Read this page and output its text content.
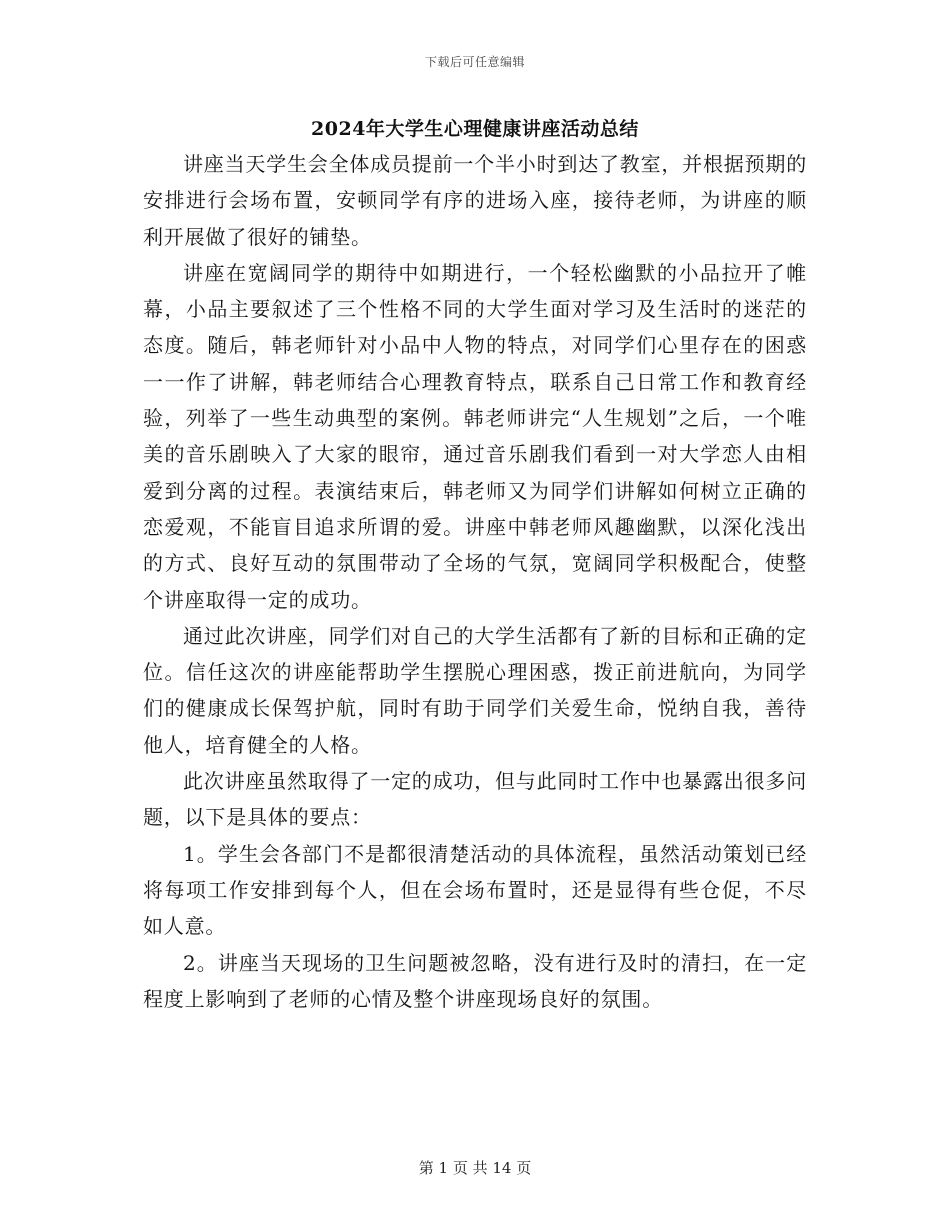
下载后可任意编辑
2024年大学生心理健康讲座活动总结

讲座当天学生会全体成员提前一个半小时到达了教室，并根据预期的安排进行会场布置，安顿同学有序的进场入座，接待老师，为讲座的顺利开展做了很好的铺垫。

讲座在宽阔同学的期待中如期进行，一个轻松幽默的小品拉开了帷幕，小品主要叙述了三个性格不同的大学生面对学习及生活时的迷茫的态度。随后，韩老师针对小品中人物的特点，对同学们心里存在的困惑一一作了讲解，韩老师结合心理教育特点，联系自己日常工作和教育经验，列举了一些生动典型的案例。韩老师讲完“人生规划”之后，一个唯美的音乐剧映入了大家的眼帘，通过音乐剧我们看到一对大学恋人由相爱到分离的过程。表演结束后，韩老师又为同学们讲解如何树立正确的恋爱观，不能盲目追求所谓的爱。讲座中韩老师风趣幽默，以深化浅出的方式、良好互动的氛围带动了全场的气氛，宽阔同学积极配合，使整个讲座取得一定的成功。

通过此次讲座，同学们对自己的大学生活都有了新的目标和正确的定位。信任这次的讲座能帮助学生摆脱心理困惑，拨正前进航向，为同学们的健康成长保驾护航，同时有助于同学们关爱生命，悦纳自我，善待他人，培育健全的人格。

此次讲座虽然取得了一定的成功，但与此同时工作中也暴露出很多问题，以下是具体的要点：

1。学生会各部门不是都很清楚活动的具体流程，虽然活动策划已经将每项工作安排到每个人，但在会场布置时，还是显得有些仓促，不尽如人意。

2。讲座当天现场的卫生问题被忽略，没有进行及时的清扫，在一定程度上影响到了老师的心情及整个讲座现场良好的氛围。

第 1 页 共 14 页
